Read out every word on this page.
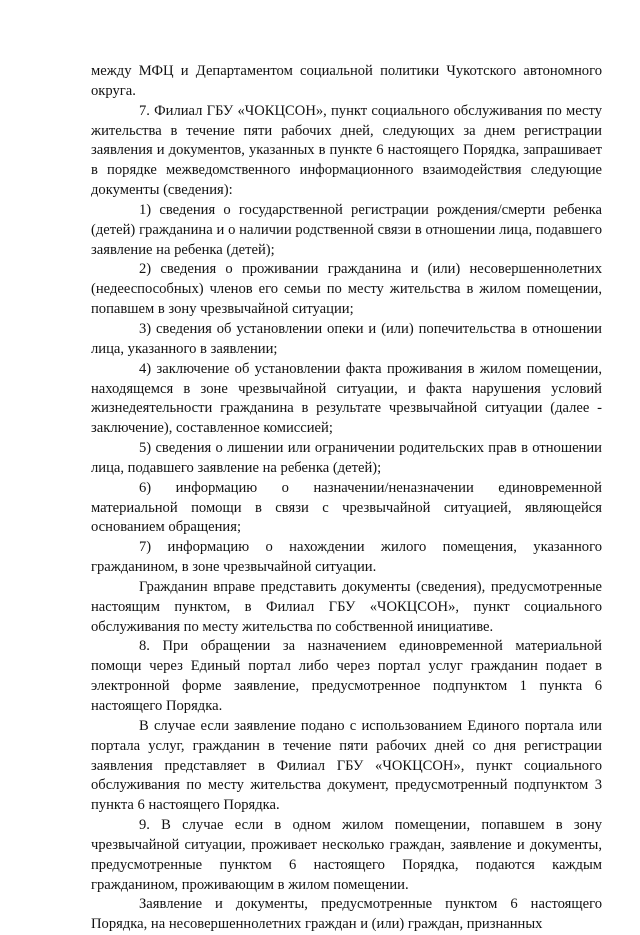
между МФЦ и Департаментом социальной политики Чукотского автономного округа.

7. Филиал ГБУ «ЧОКЦСОН», пункт социального обслуживания по месту жительства в течение пяти рабочих дней, следующих за днем регистрации заявления и документов, указанных в пункте 6 настоящего Порядка, запрашивает в порядке межведомственного информационного взаимодействия следующие документы (сведения):

1) сведения о государственной регистрации рождения/смерти ребенка (детей) гражданина и о наличии родственной связи в отношении лица, подавшего заявление на ребенка (детей);

2) сведения о проживании гражданина и (или) несовершеннолетних (недееспособных) членов его семьи по месту жительства в жилом помещении, попавшем в зону чрезвычайной ситуации;

3) сведения об установлении опеки и (или) попечительства в отношении лица, указанного в заявлении;

4) заключение об установлении факта проживания в жилом помещении, находящемся в зоне чрезвычайной ситуации, и факта нарушения условий жизнедеятельности гражданина в результате чрезвычайной ситуации (далее - заключение), составленное комиссией;

5) сведения о лишении или ограничении родительских прав в отношении лица, подавшего заявление на ребенка (детей);

6) информацию о назначении/неназначении единовременной материальной помощи в связи с чрезвычайной ситуацией, являющейся основанием обращения;

7) информацию о нахождении жилого помещения, указанного гражданином, в зоне чрезвычайной ситуации.

Гражданин вправе представить документы (сведения), предусмотренные настоящим пунктом, в Филиал ГБУ «ЧОКЦСОН», пункт социального обслуживания по месту жительства по собственной инициативе.

8. При обращении за назначением единовременной материальной помощи через Единый портал либо через портал услуг гражданин подает в электронной форме заявление, предусмотренное подпунктом 1 пункта 6 настоящего Порядка.

В случае если заявление подано с использованием Единого портала или портала услуг, гражданин в течение пяти рабочих дней со дня регистрации заявления представляет в Филиал ГБУ «ЧОКЦСОН», пункт социального обслуживания по месту жительства документ, предусмотренный подпунктом 3 пункта 6 настоящего Порядка.

9. В случае если в одном жилом помещении, попавшем в зону чрезвычайной ситуации, проживает несколько граждан, заявление и документы, предусмотренные пунктом 6 настоящего Порядка, подаются каждым гражданином, проживающим в жилом помещении.

Заявление и документы, предусмотренные пунктом 6 настоящего Порядка, на несовершеннолетних граждан и (или) граждан, признанных
